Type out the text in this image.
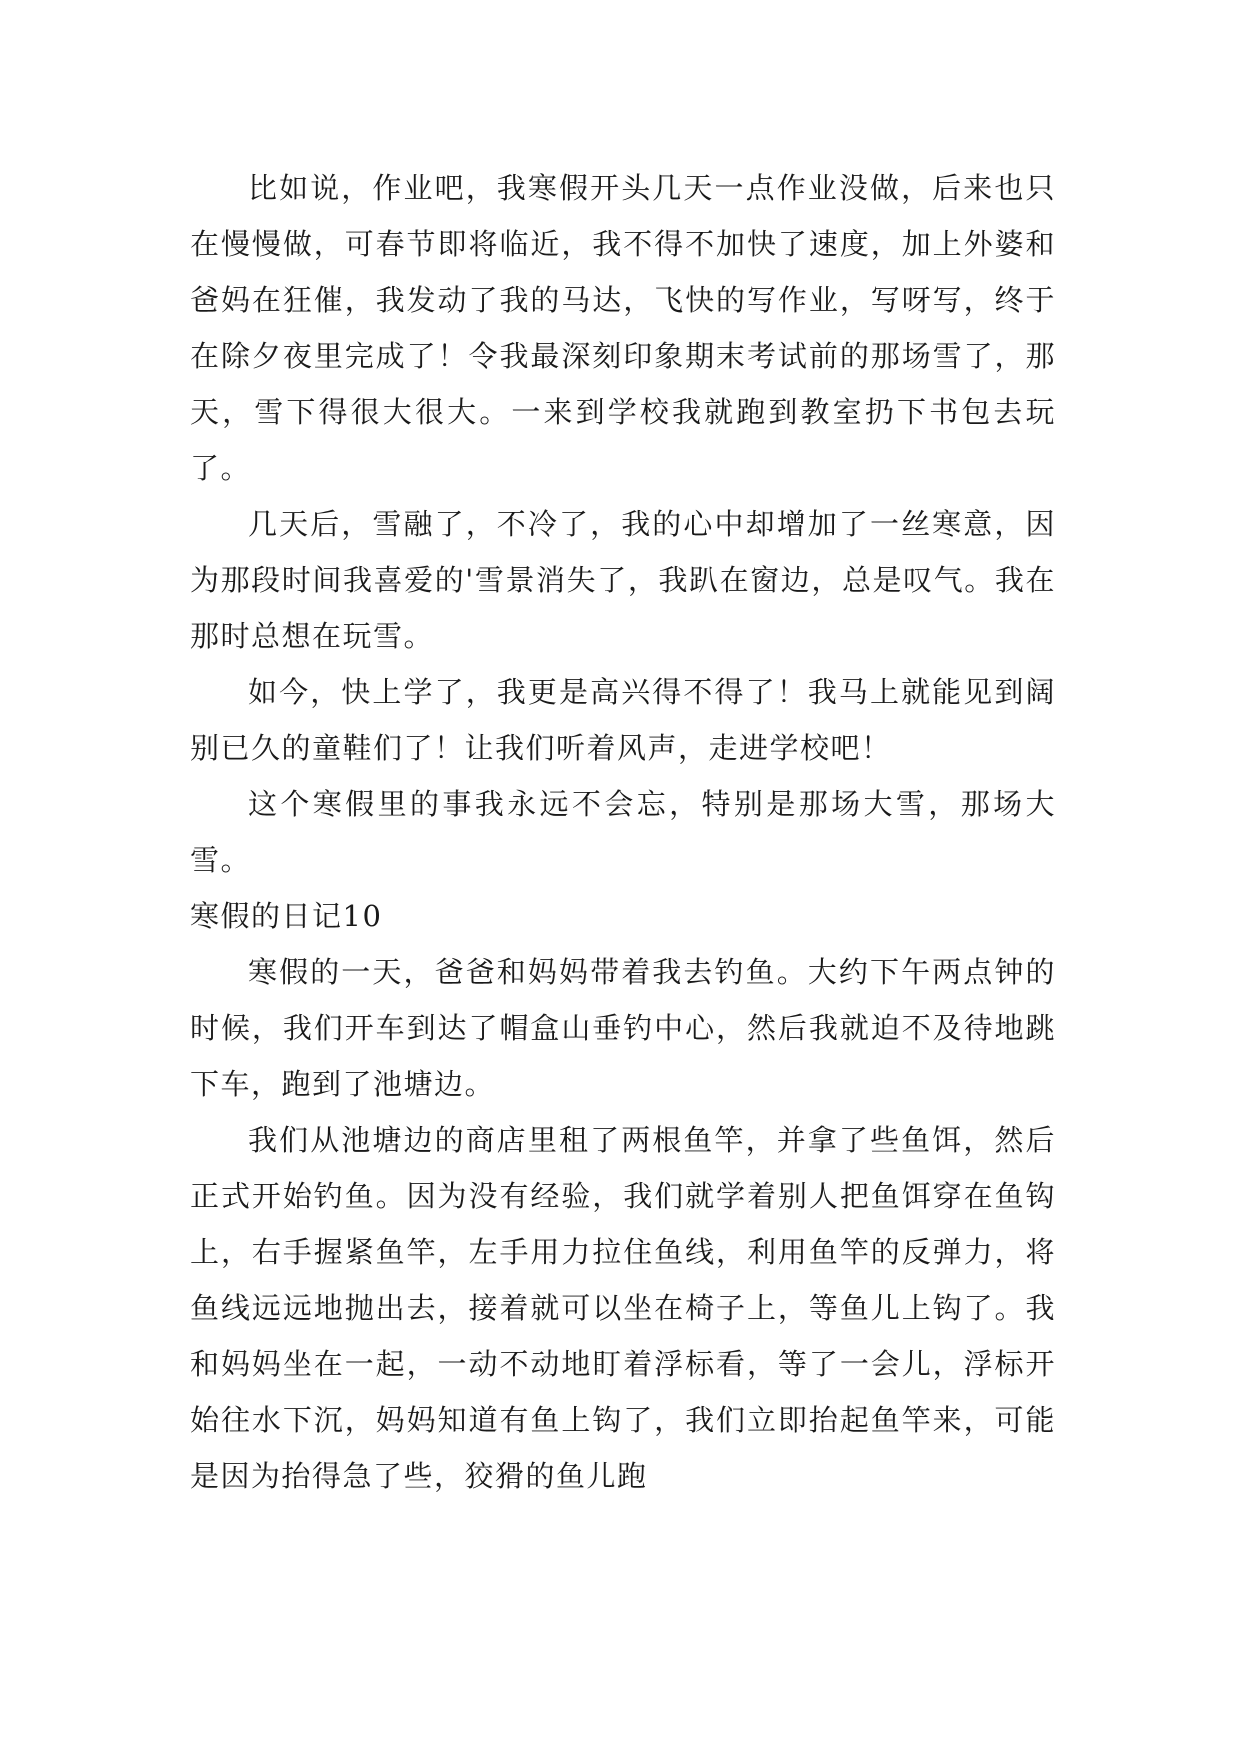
比如说，作业吧，我寒假开头几天一点作业没做，后来也只在慢慢做，可春节即将临近，我不得不加快了速度，加上外婆和爸妈在狂催，我发动了我的马达，飞快的写作业，写呀写，终于在除夕夜里完成了！令我最深刻印象期末考试前的那场雪了，那天，雪下得很大很大。一来到学校我就跑到教室扔下书包去玩了。

几天后，雪融了，不冷了，我的心中却增加了一丝寒意，因为那段时间我喜爱的'雪景消失了，我趴在窗边，总是叹气。我在那时总想在玩雪。

如今，快上学了，我更是高兴得不得了！我马上就能见到阔别已久的童鞋们了！让我们听着风声，走进学校吧！

这个寒假里的事我永远不会忘，特别是那场大雪，那场大雪。

寒假的日记10

寒假的一天，爸爸和妈妈带着我去钓鱼。大约下午两点钟的时候，我们开车到达了帽盒山垂钓中心，然后我就迫不及待地跳下车，跑到了池塘边。

我们从池塘边的商店里租了两根鱼竿，并拿了些鱼饵，然后正式开始钓鱼。因为没有经验，我们就学着别人把鱼饵穿在鱼钩上，右手握紧鱼竿，左手用力拉住鱼线，利用鱼竿的反弹力，将鱼线远远地抛出去，接着就可以坐在椅子上，等鱼儿上钩了。我和妈妈坐在一起，一动不动地盯着浮标看，等了一会儿，浮标开始往水下沉，妈妈知道有鱼上钩了，我们立即抬起鱼竿来，可能是因为抬得急了些，狡猾的鱼儿跑
